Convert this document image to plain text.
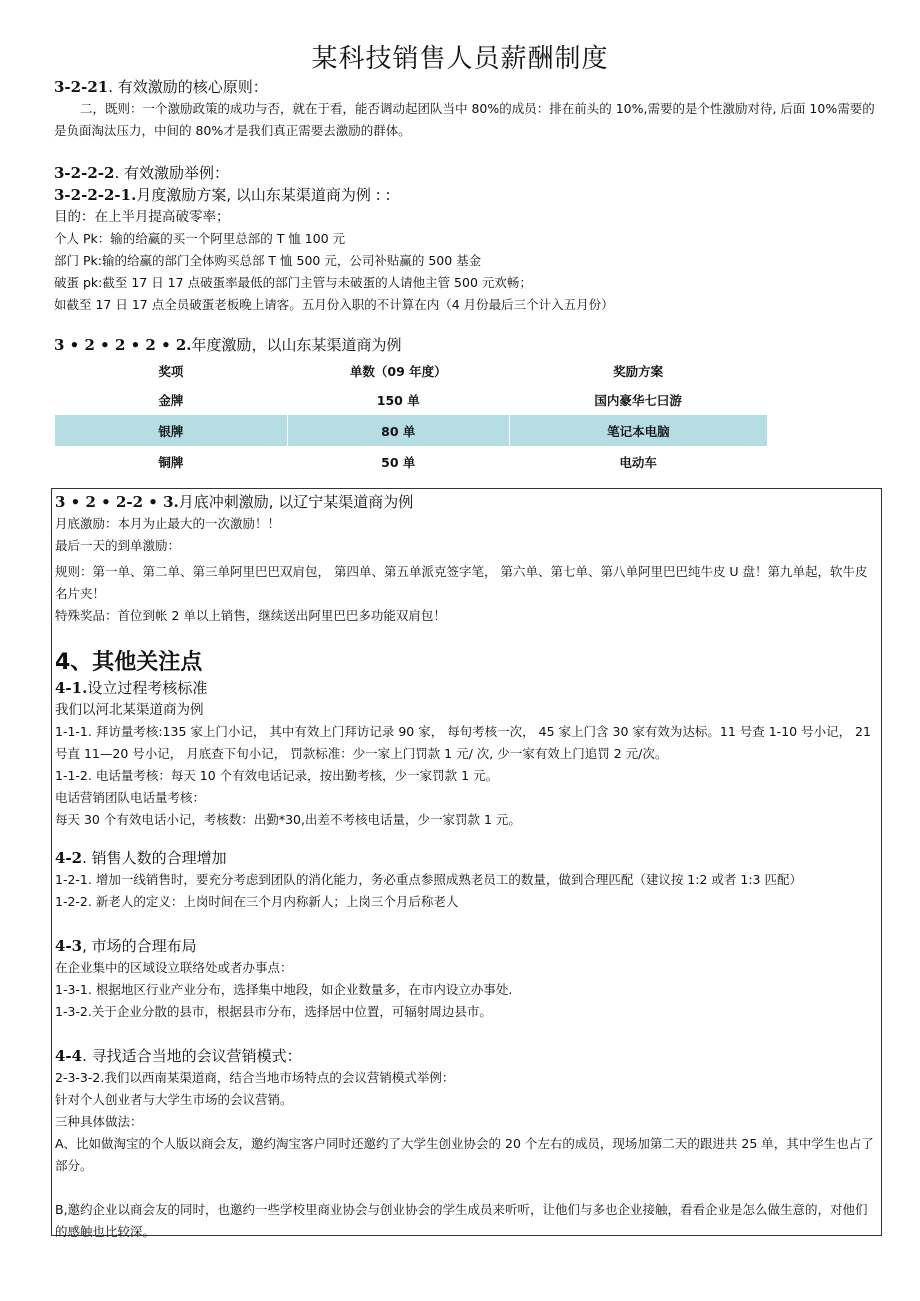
某科技销售人员薪酬制度
3-2-21. 有效激励的核心原则：

二，既则：一个激励政策的成功与否，就在于看，能否调动起团队当中 80%的成员：排在前头的 10%,需要的是个性激励对待, 后面 10%需要的是负面淘汰压力，中间的 80%才是我们真正需要去激励的群体。

3-2-2-2. 有效激励举例：
3-2-2-2-1.月度激励方案, 以山东某渠道商为例 : :

目的：在上半月提高破零率；

个人 Pk：输的给赢的买一个阿里总部的 T 恤 100 元

部门 Pk:输的给赢的部门全体购买总部 T 恤 500 元，公司补贴赢的 500 基金

破蛋 pk:截至 17 日 17 点破蛋率最低的部门主管与未破蛋的人请他主管 500 元欢畅；

如截至 17 日 17 点全员破蛋老板晚上请客。五月份入职的不计算在内（4 月份最后三个计入五月份）

3 • 2 • 2 • 2 • 2.年度激励，以山东某渠道商为例
奖项	单数（09 年度）	奖励方案
金牌	150 单	国内豪华七曰游
银牌	80 单	笔记本电脑
铜牌	50 单	电动车
3 • 2 • 2-2 • 3.月底冲刺激励, 以辽宁某渠道商为例

月底激励：本月为止最大的一次激励！！

最后一天的到单激励：

规则：第一单、第二单、第三单阿里巴巴双肩包， 第四单、第五单派克签字笔， 第六单、第七单、第八单阿里巴巴纯牛皮 U 盘！第九单起，软牛皮名片夹！

特殊奖品：首位到帐 2 单以上销售，继续送出阿里巴巴多功能双肩包！

4、其他关注点
4-1.设立过程考核标准

我们以河北某渠道商为例

1-1-1. 拜访量考核:135 家上门小记， 其中有效上门拜访记录 90 家， 每旬考核一次， 45 家上门含 30 家有效为达标。11 号查 1-10 号小记， 21 号直 11—20 号小记， 月底查下旬小记， 罚款标准：少一家上门罚款 1 元/ 次, 少一家有效上门追罚 2 元/次。

1-1-2. 电话量考核：每天 10 个有效电话记录，按出勤考核，少一家罚款 1 元。

电话营销团队电话量考核：

每天 30 个有效电话小记，考核数：出勤*30,出差不考核电话量，少一家罚款 1 元。

4-2. 销售人数的合理增加

1-2-1. 增加一线销售时，要充分考虑到团队的消化能力，务必重点参照成熟老员工的数量，做到合理匹配（建议按 1:2 或者 1:3 匹配）

1-2-2. 新老人的定义：上岗时间在三个月内称新人；上岗三个月后称老人

4-3, 市场的合理布局

在企业集中的区域设立联络处或者办事点：

1-3-1. 根据地区行业产业分布，选择集中地段，如企业数量多，在市内设立办事处.

1-3-2.关于企业分散的县市，根据县市分布，选择居中位置，可辐射周边县市。

4-4. 寻找适合当地的会议营销模式：

2-3-3-2.我们以西南某渠道商，结合当地市场特点的会议营销模式举例：

针对个人创业者与大学生市场的会议营销。

三种具体做法：

A、比如做淘宝的个人版以商会友，邀约淘宝客户同时还邀约了大学生创业协会的 20 个左右的成员，现场加第二天的跟进共 25 单，其中学生也占了部分。

B,邀约企业以商会友的同时，也邀约一些学校里商业协会与创业协会的学生成员来听听，让他们与多也企业接触，看看企业是怎么做生意的，对他们的感触也比较深。
